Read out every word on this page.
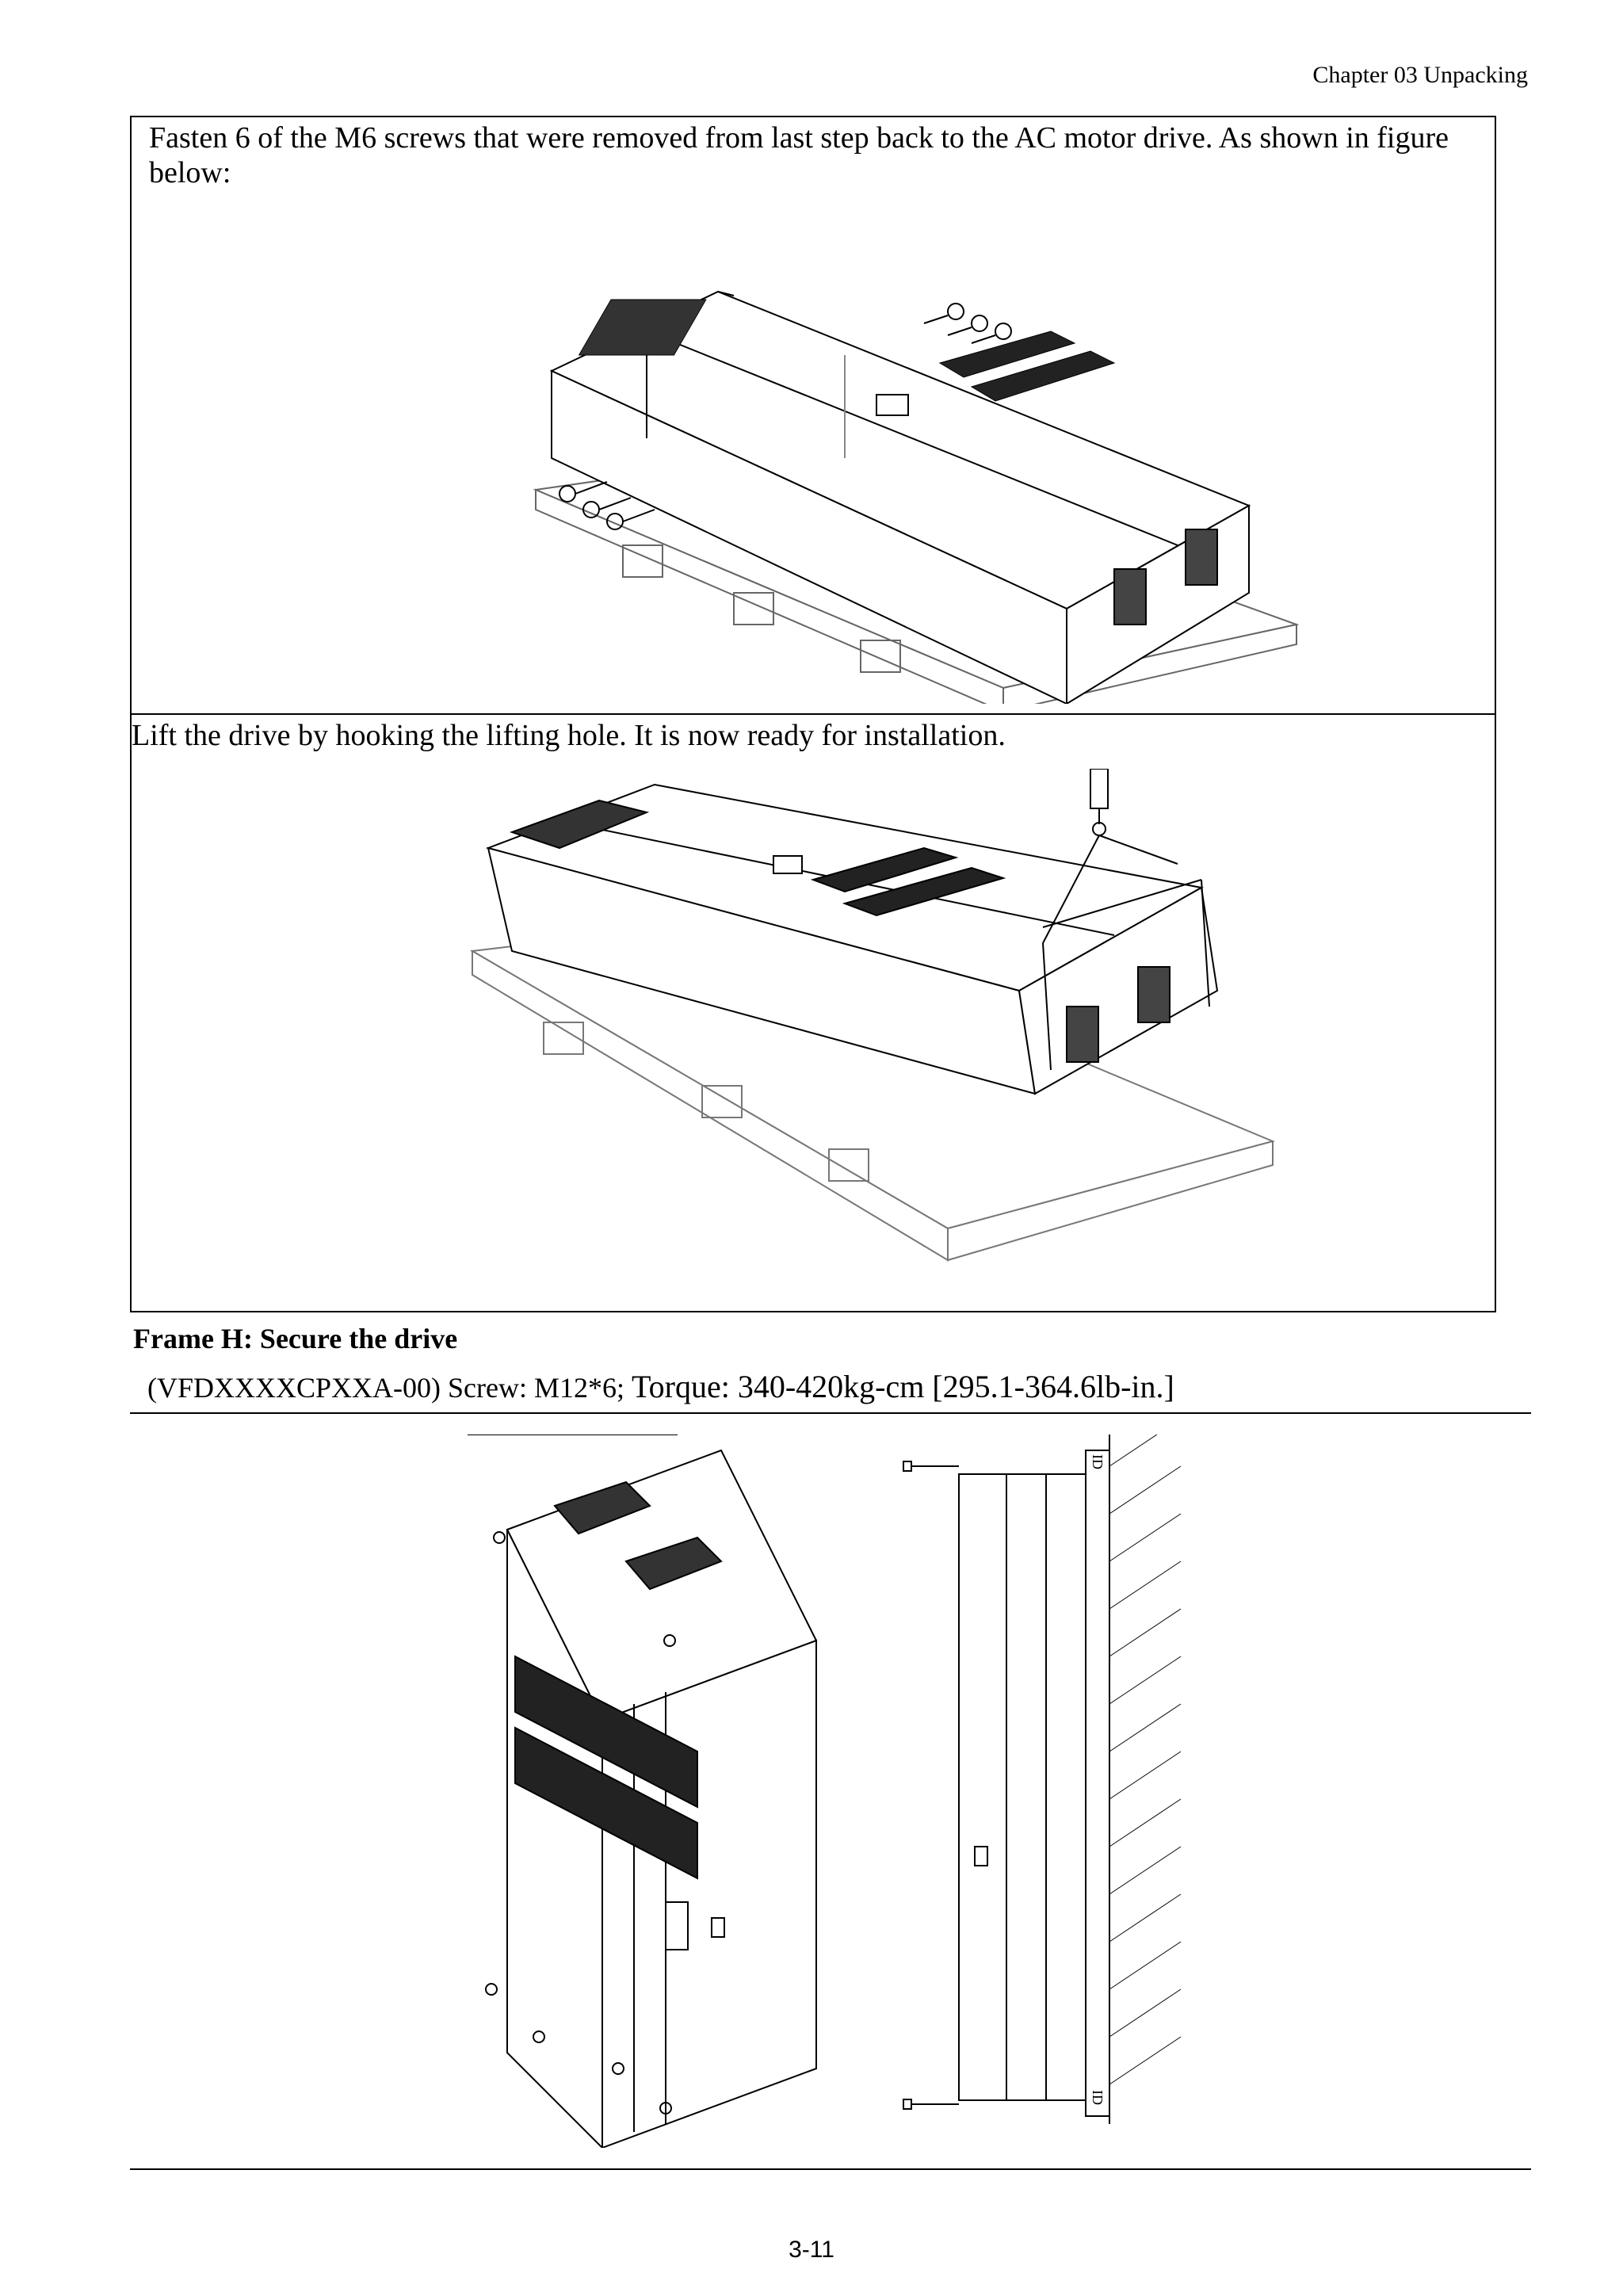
Chapter 03 Unpacking
Fasten 6 of the M6 screws that were removed from last step back to the AC motor drive. As shown in figure below:
Lift the drive by hooking the lifting hole. It is now ready for installation.
Frame H: Secure the drive
(VFDXXXXCPXXA-00) Screw: M12*6; Torque: 340-420kg-cm [295.1-364.6lb-in.]
ID
ID
3-11
